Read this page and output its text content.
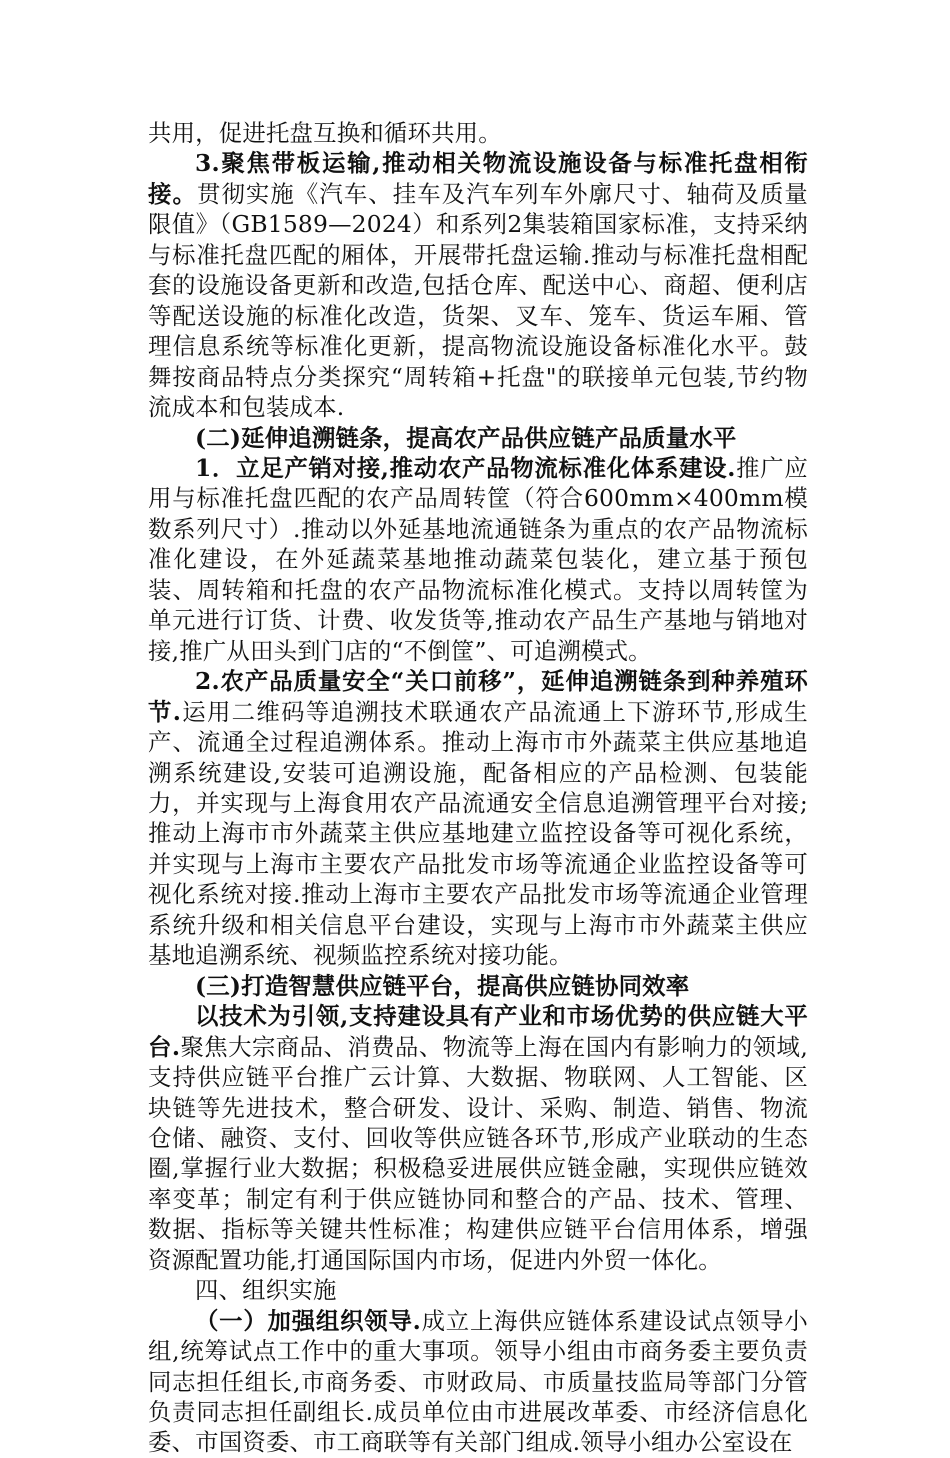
共用，促进托盘互换和循环共用。

3.聚焦带板运输,推动相关物流设施设备与标准托盘相衔接。贯彻实施《汽车、挂车及汽车列车外廓尺寸、轴荷及质量限值》（GB1589—2024）和系列2集装箱国家标准，支持采纳与标准托盘匹配的厢体，开展带托盘运输.推动与标准托盘相配套的设施设备更新和改造,包括仓库、配送中心、商超、便利店等配送设施的标准化改造，货架、叉车、笼车、货运车厢、管理信息系统等标准化更新，提高物流设施设备标准化水平。鼓舞按商品特点分类探究“周转箱+托盘"的联接单元包装,节约物流成本和包装成本.

(二)延伸追溯链条，提高农产品供应链产品质量水平

1．立足产销对接,推动农产品物流标准化体系建设.推广应用与标准托盘匹配的农产品周转筐（符合600mm×400mm模数系列尺寸）.推动以外延基地流通链条为重点的农产品物流标准化建设，在外延蔬菜基地推动蔬菜包装化，建立基于预包装、周转箱和托盘的农产品物流标准化模式。支持以周转筐为单元进行订货、计费、收发货等,推动农产品生产基地与销地对接,推广从田头到门店的“不倒筐”、可追溯模式。

2.农产品质量安全“关口前移”，延伸追溯链条到种养殖环节.运用二维码等追溯技术联通农产品流通上下游环节,形成生产、流通全过程追溯体系。推动上海市市外蔬菜主供应基地追溯系统建设,安装可追溯设施，配备相应的产品检测、包装能力，并实现与上海食用农产品流通安全信息追溯管理平台对接;推动上海市市外蔬菜主供应基地建立监控设备等可视化系统，并实现与上海市主要农产品批发市场等流通企业监控设备等可视化系统对接.推动上海市主要农产品批发市场等流通企业管理系统升级和相关信息平台建设，实现与上海市市外蔬菜主供应基地追溯系统、视频监控系统对接功能。

(三)打造智慧供应链平台，提高供应链协同效率

以技术为引领,支持建设具有产业和市场优势的供应链大平台.聚焦大宗商品、消费品、物流等上海在国内有影响力的领域,支持供应链平台推广云计算、大数据、物联网、人工智能、区块链等先进技术，整合研发、设计、采购、制造、销售、物流仓储、融资、支付、回收等供应链各环节,形成产业联动的生态圈,掌握行业大数据；积极稳妥进展供应链金融，实现供应链效率变革；制定有利于供应链协同和整合的产品、技术、管理、数据、指标等关键共性标准；构建供应链平台信用体系，增强资源配置功能,打通国际国内市场，促进内外贸一体化。

四、组织实施

（一）加强组织领导.成立上海供应链体系建设试点领导小组,统筹试点工作中的重大事项。领导小组由市商务委主要负责同志担任组长,市商务委、市财政局、市质量技监局等部门分管负责同志担任副组长.成员单位由市进展改革委、市经济信息化委、市国资委、市工商联等有关部门组成.领导小组办公室设在
